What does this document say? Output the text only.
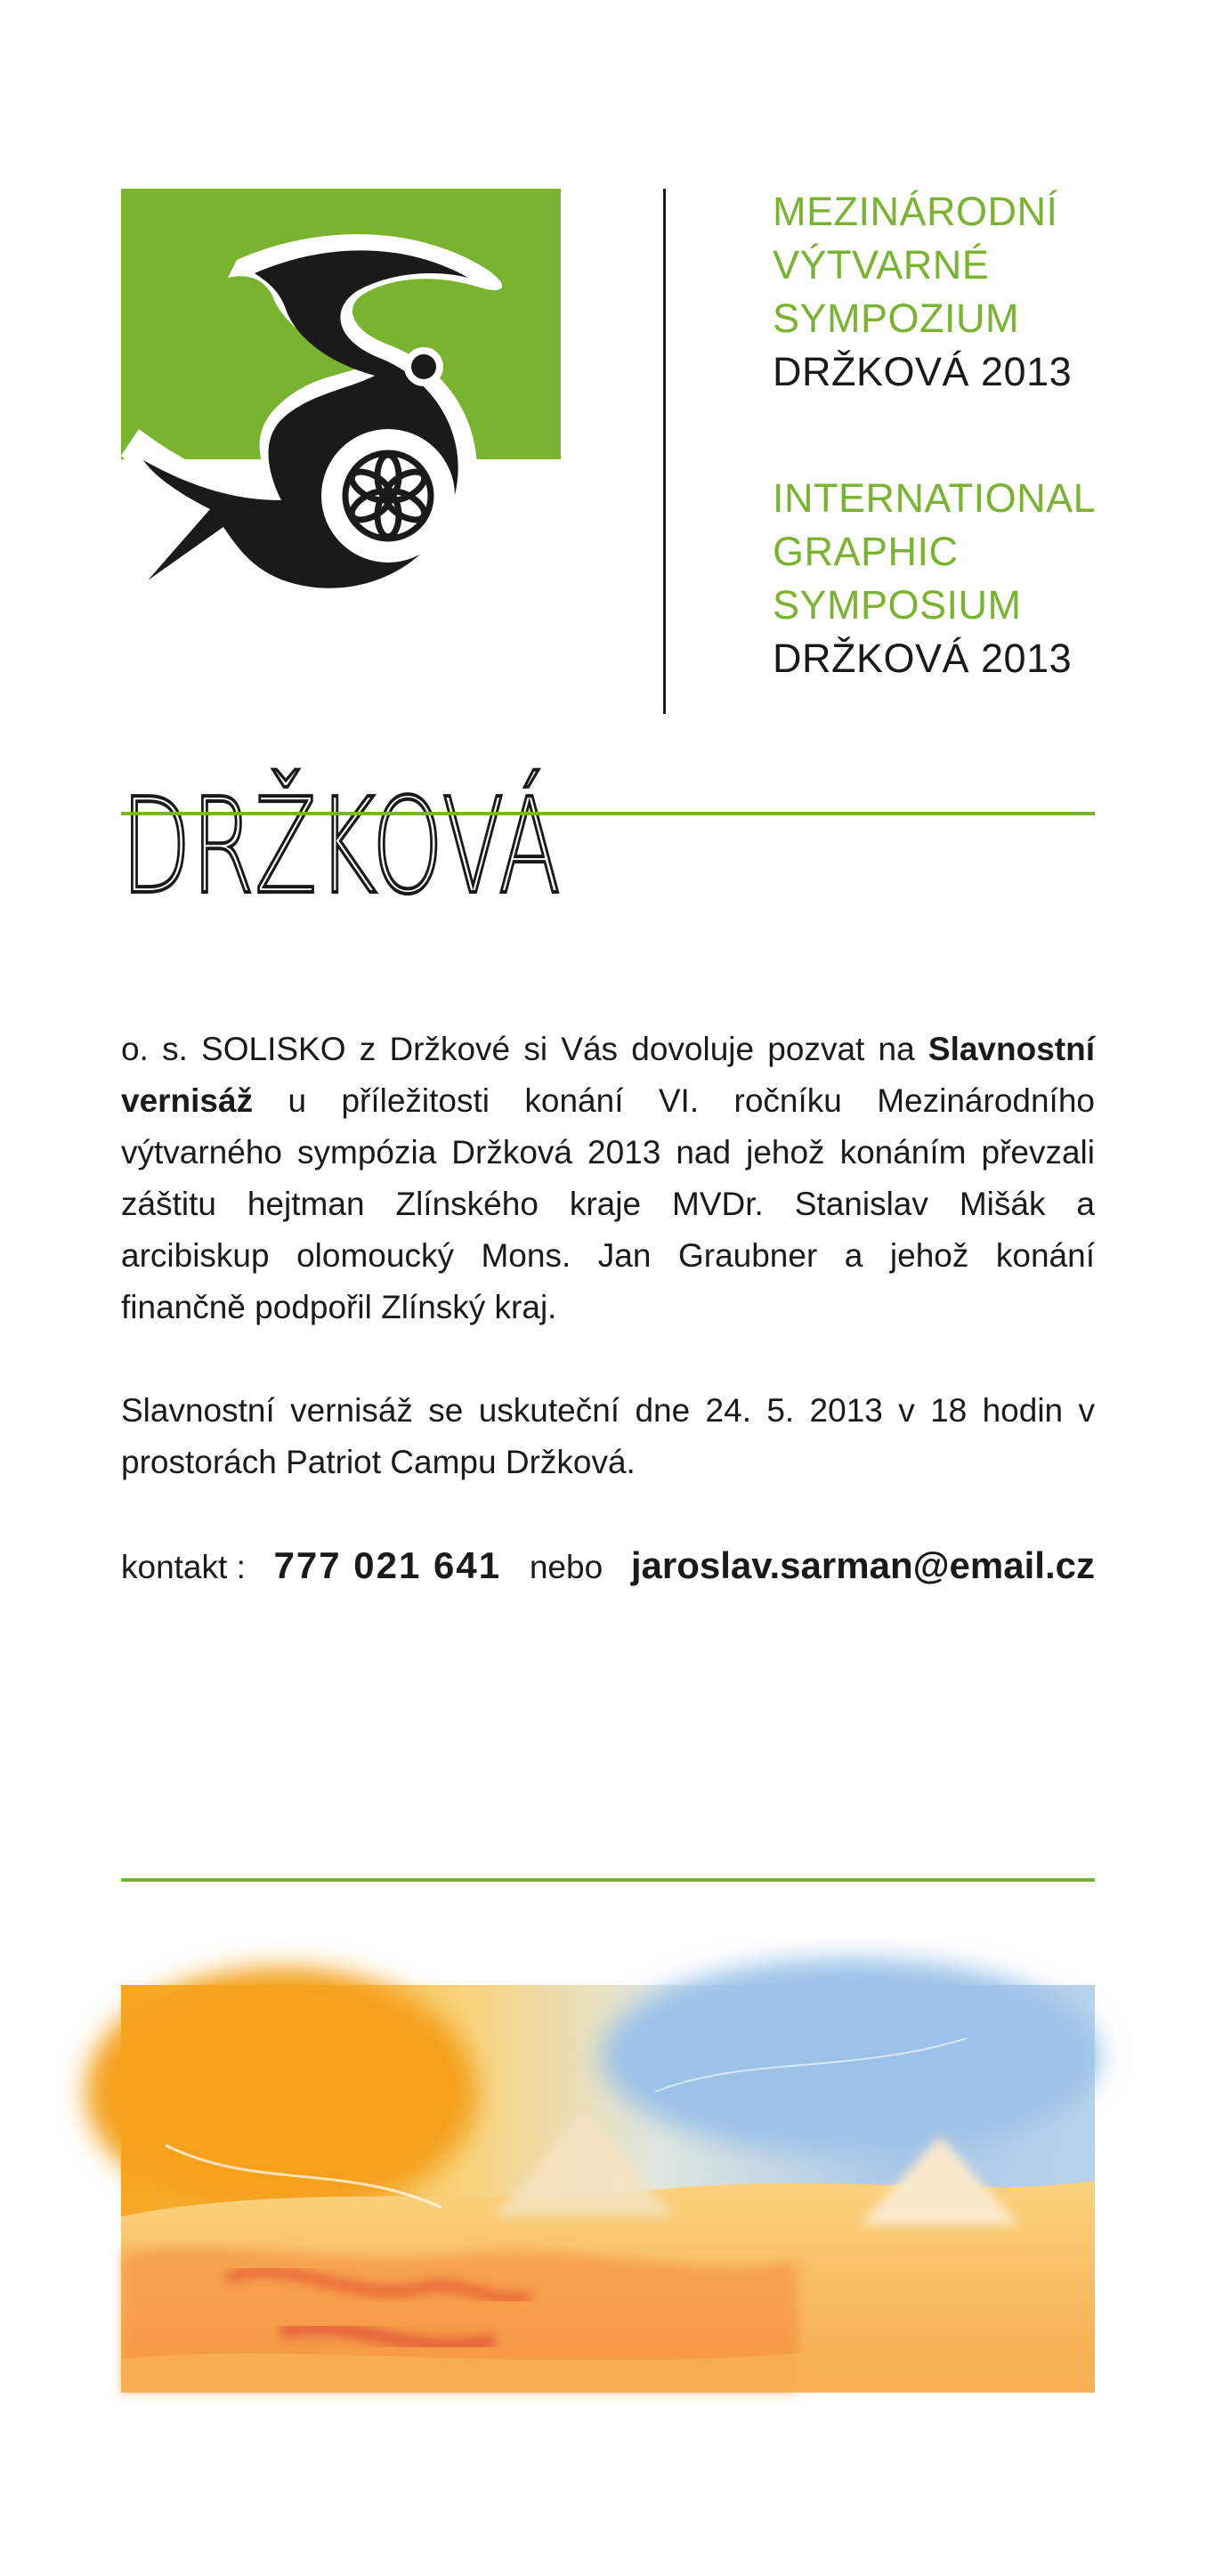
DRŽKOVÁ
MEZINÁRODNÍ
VÝTVARNÉ
SYMPOZIUM
DRŽKOVÁ 2013
INTERNATIONAL
GRAPHIC
SYMPOSIUM
DRŽKOVÁ 2013

o. s. SOLISKO z Držkové si Vás dovoluje pozvat na Slavnostní vernisáž u příležitosti konání VI. ročníku Mezinárodního výtvarného sympózia Držková 2013 nad jehož konáním převzali záštitu hejtman Zlínského kraje MVDr. Stanislav Mišák a arcibiskup olomoucký Mons. Jan Graubner a jehož konání finančně podpořil Zlínský kraj.

Slavnostní vernisáž se uskuteční dne 24. 5. 2013 v 18 hodin v prostorách Patriot Campu Držková.

kontakt : 777 021 641 nebo jaroslav.sarman@email.cz
